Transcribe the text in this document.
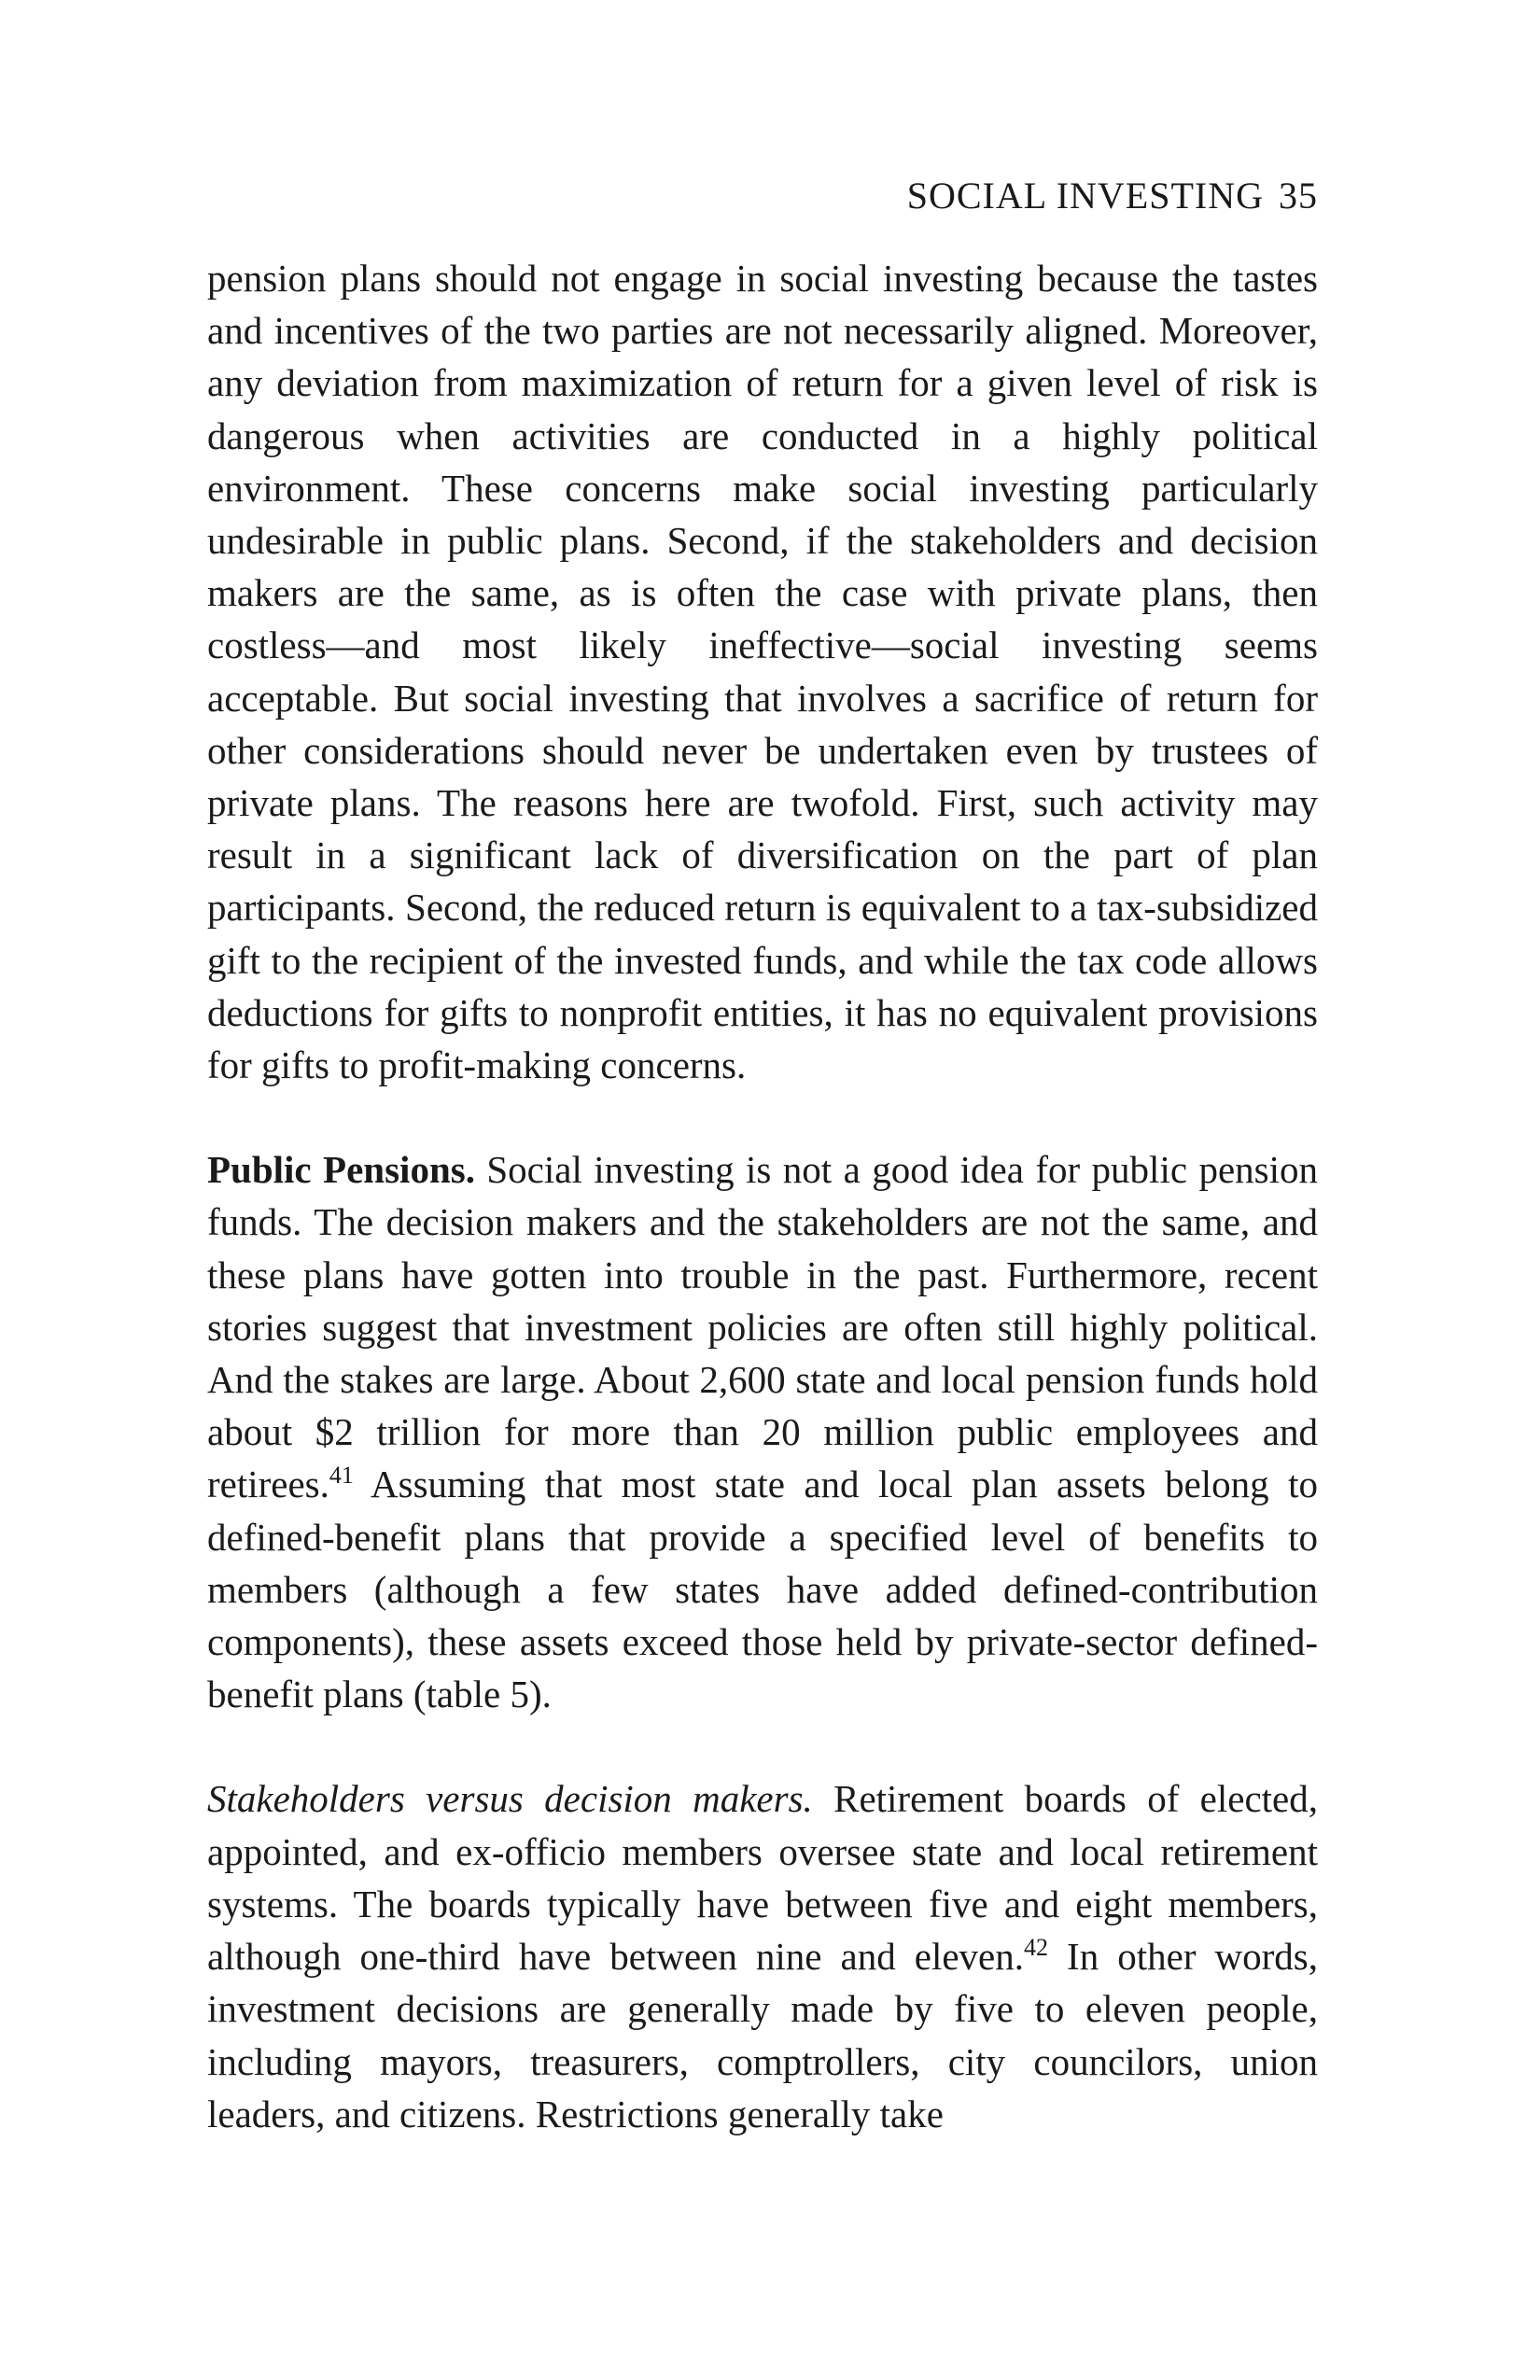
SOCIAL INVESTING 35

pension plans should not engage in social investing because the tastes and incentives of the two parties are not necessarily aligned. Moreover, any deviation from maximization of return for a given level of risk is dangerous when activities are conducted in a highly political environment. These concerns make social investing particularly undesirable in public plans. Second, if the stakeholders and decision makers are the same, as is often the case with private plans, then costless—and most likely ineffective—social investing seems acceptable. But social investing that involves a sacrifice of return for other considerations should never be undertaken even by trustees of private plans. The reasons here are twofold. First, such activity may result in a significant lack of diversification on the part of plan participants. Second, the reduced return is equivalent to a tax-subsidized gift to the recipient of the invested funds, and while the tax code allows deductions for gifts to nonprofit entities, it has no equivalent provisions for gifts to profit-making concerns.

Public Pensions. Social investing is not a good idea for public pension funds. The decision makers and the stakeholders are not the same, and these plans have gotten into trouble in the past. Furthermore, recent stories suggest that investment policies are often still highly political. And the stakes are large. About 2,600 state and local pension funds hold about $2 trillion for more than 20 million public employees and retirees.$^{41}$ Assuming that most state and local plan assets belong to defined-benefit plans that provide a specified level of benefits to members (although a few states have added defined-contribution components), these assets exceed those held by private-sector defined-benefit plans (table 5).

Stakeholders versus decision makers. Retirement boards of elected, appointed, and ex-officio members oversee state and local retirement systems. The boards typically have between five and eight members, although one-third have between nine and eleven.$^{42}$ In other words, investment decisions are generally made by five to eleven people, including mayors, treasurers, comptrollers, city councilors, union leaders, and citizens. Restrictions generally take
